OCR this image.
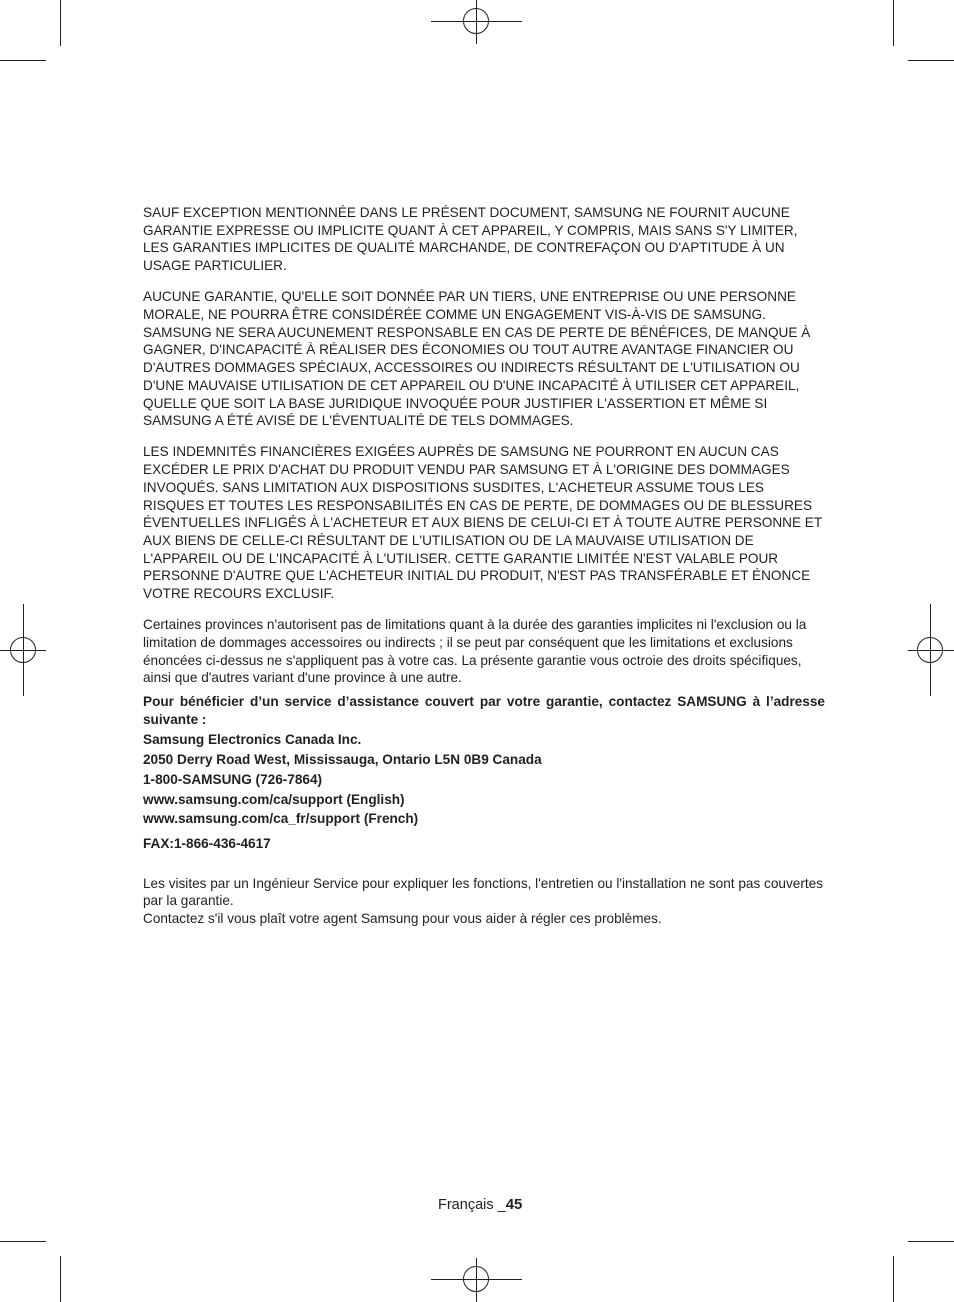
SAUF EXCEPTION MENTIONNÉE DANS LE PRÉSENT DOCUMENT, SAMSUNG NE FOURNIT AUCUNE GARANTIE EXPRESSE OU IMPLICITE QUANT À CET APPAREIL, Y COMPRIS, MAIS SANS S'Y LIMITER, LES GARANTIES IMPLICITES DE QUALITÉ MARCHANDE, DE CONTREFAÇON OU D'APTITUDE À UN USAGE PARTICULIER.

AUCUNE GARANTIE, QU'ELLE SOIT DONNÉE PAR UN TIERS, UNE ENTREPRISE OU UNE PERSONNE MORALE, NE POURRA ÊTRE CONSIDÉRÉE COMME UN ENGAGEMENT VIS-À-VIS DE SAMSUNG. SAMSUNG NE SERA AUCUNEMENT RESPONSABLE EN CAS DE PERTE DE BÉNÉFICES, DE MANQUE À GAGNER, D'INCAPACITÉ À RÉALISER DES ÉCONOMIES OU TOUT AUTRE AVANTAGE FINANCIER OU D'AUTRES DOMMAGES SPÉCIAUX, ACCESSOIRES OU INDIRECTS RÉSULTANT DE L'UTILISATION OU D'UNE MAUVAISE UTILISATION DE CET APPAREIL OU D'UNE INCAPACITÉ À UTILISER CET APPAREIL, QUELLE QUE SOIT LA BASE JURIDIQUE INVOQUÉE POUR JUSTIFIER L'ASSERTION ET MÊME SI SAMSUNG A ÉTÉ AVISÉ DE L'ÉVENTUALITÉ DE TELS DOMMAGES.

LES INDEMNITÉS FINANCIÈRES EXIGÉES AUPRÈS DE SAMSUNG NE POURRONT EN AUCUN CAS EXCÉDER LE PRIX D'ACHAT DU PRODUIT VENDU PAR SAMSUNG ET À L'ORIGINE DES DOMMAGES INVOQUÉS. SANS LIMITATION AUX DISPOSITIONS SUSDITES, L'ACHETEUR ASSUME TOUS LES RISQUES ET TOUTES LES RESPONSABILITÉS EN CAS DE PERTE, DE DOMMAGES OU DE BLESSURES ÉVENTUELLES INFLIGÉS À L'ACHETEUR ET AUX BIENS DE CELUI-CI ET À TOUTE AUTRE PERSONNE ET AUX BIENS DE CELLE-CI RÉSULTANT DE L'UTILISATION OU DE LA MAUVAISE UTILISATION DE L'APPAREIL OU DE L'INCAPACITÉ À L'UTILISER. CETTE GARANTIE LIMITÉE N'EST VALABLE POUR PERSONNE D'AUTRE QUE L'ACHETEUR INITIAL DU PRODUIT, N'EST PAS TRANSFÉRABLE ET ÉNONCE VOTRE RECOURS EXCLUSIF.

Certaines provinces n'autorisent pas de limitations quant à la durée des garanties implicites ni l'exclusion ou la limitation de dommages accessoires ou indirects ; il se peut par conséquent que les limitations et exclusions énoncées ci-dessus ne s'appliquent pas à votre cas. La présente garantie vous octroie des droits spécifiques, ainsi que d'autres variant d'une province à une autre.

Pour bénéficier d’un service d’assistance couvert par votre garantie, contactez SAMSUNG à l’adresse suivante :

Samsung Electronics Canada Inc.

2050 Derry Road West, Mississauga, Ontario L5N 0B9 Canada

1-800-SAMSUNG (726-7864)

www.samsung.com/ca/support (English)

www.samsung.com/ca_fr/support (French)

FAX:1-866-436-4617

Les visites par un Ingénieur Service pour expliquer les fonctions, l'entretien ou l'installation ne sont pas couvertes par la garantie.

Contactez s'il vous plaît votre agent Samsung pour vous aider à régler ces problèmes.

Français _45
